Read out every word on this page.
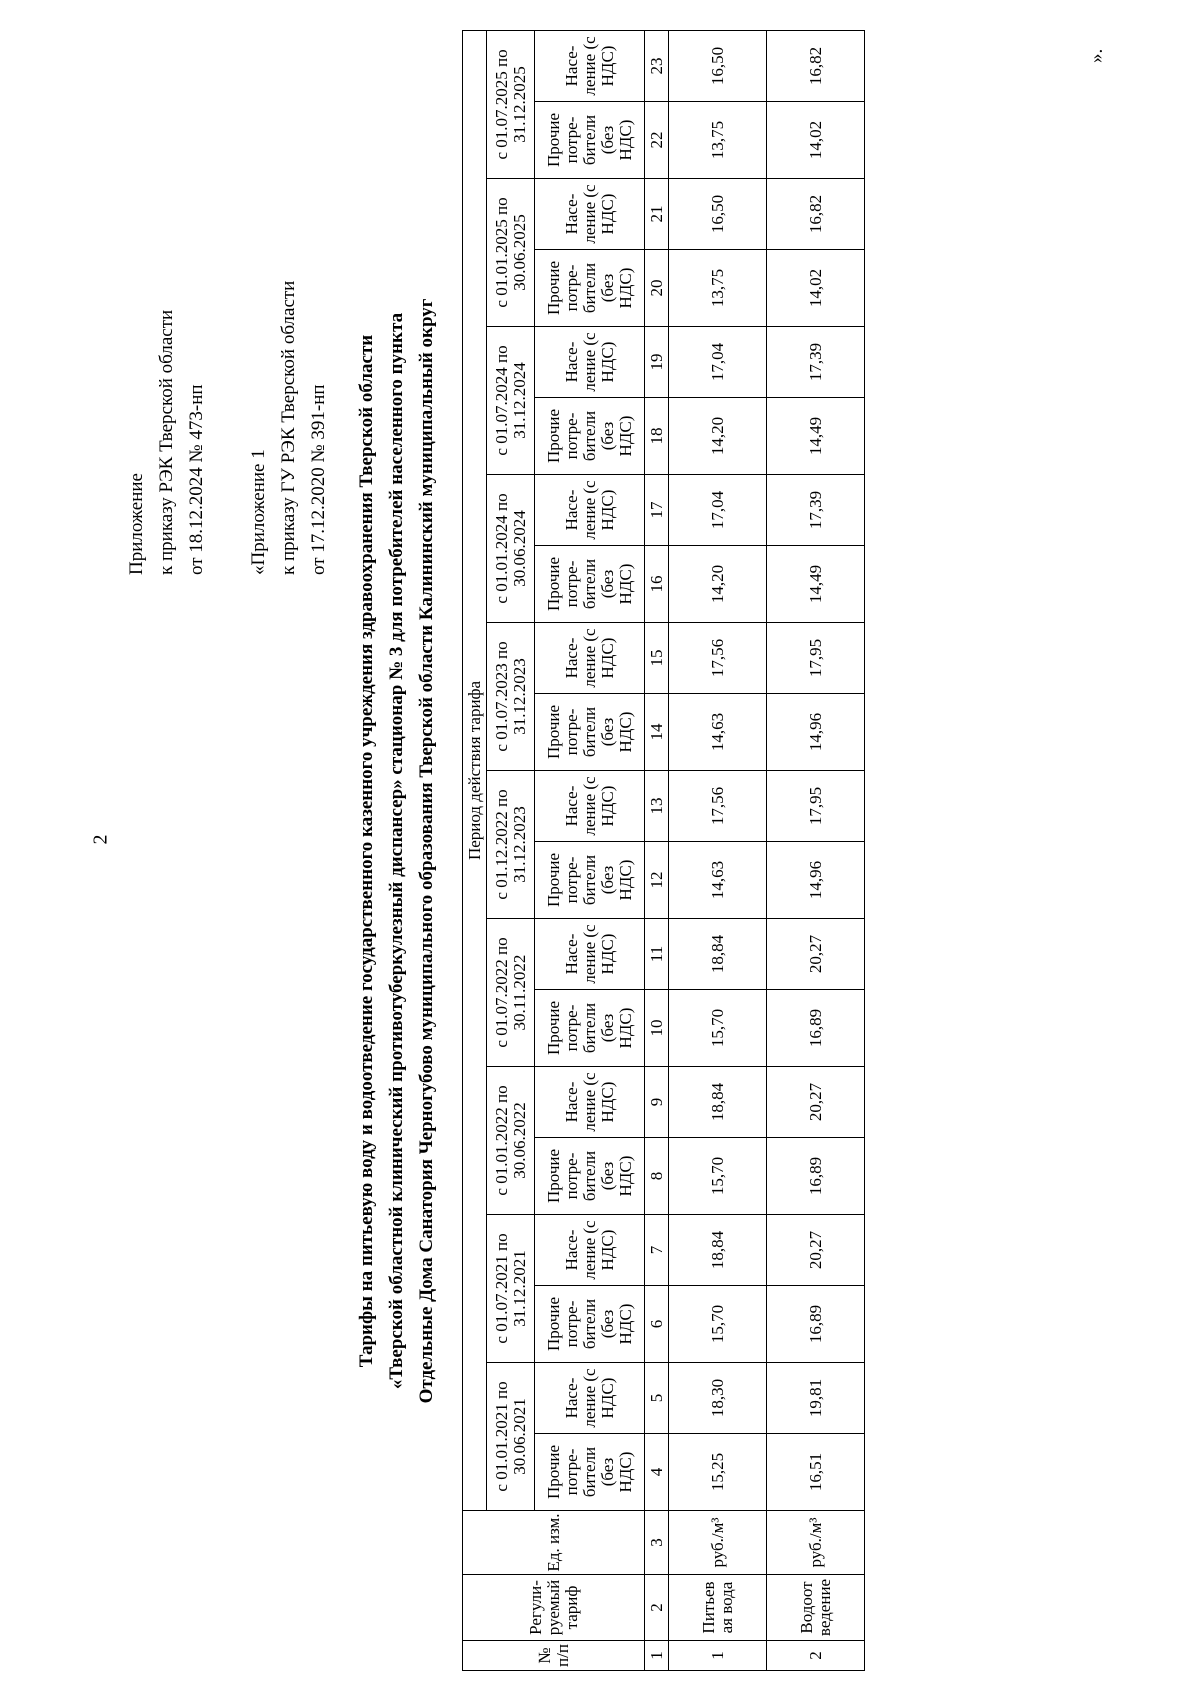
2
Приложение к приказу РЭК Тверской области от 18.12.2024 № 473-нп «Приложение 1 к приказу ГУ РЭК Тверской области от 17.12.2020 № 391-нп Тарифы на питьевую воду и водоотведение государственного казенного учреждения здравоохранения Тверской области «Тверской областной клинический противотуберкулезный диспансер» стационар № 3 для потребителей населенного пункта Отдельные Дома Санатория Черногубово муниципального образования Тверской области Калининский муниципальный округ
№ п/п	Регули-руемый тариф	Ед. изм.	Период действия тарифа																			
			с 01.01.2021 по 30.06.2021		с 01.07.2021 по 31.12.2021		с 01.01.2022 по 30.06.2022		с 01.07.2022 по 30.11.2022		с 01.12.2022 по 31.12.2023		с 01.07.2023 по 31.12.2023		с 01.01.2024 по 30.06.2024		с 01.07.2024 по 31.12.2024		с 01.01.2025 по 30.06.2025		с 01.07.2025 по 31.12.2025	
			Прочие потре-бители (без НДС)	Насе-ление (с НДС)	Прочие потре-бители (без НДС)	Насе-ление (с НДС)	Прочие потре-бители (без НДС)	Насе-ление (с НДС)	Прочие потре-бители (без НДС)	Насе-ление (с НДС)	Прочие потре-бители (без НДС)	Насе-ление (с НДС)	Прочие потре-бители (без НДС)	Насе-ление (с НДС)	Прочие потре-бители (без НДС)	Насе-ление (с НДС)	Прочие потре-бители (без НДС)	Насе-ление (с НДС)	Прочие потре-бители (без НДС)	Насе-ление (с НДС)	Прочие потре-бители (без НДС)	Насе-ление (с НДС)
1	2	3	4	5	6	7	8	9	10	11	12	13	14	15	16	17	18	19	20	21	22	23
1	Питьев ая вода	руб./м³	15,25	18,30	15,70	18,84	15,70	18,84	15,70	18,84	14,63	17,56	14,63	17,56	14,20	17,04	14,20	17,04	13,75	16,50	13,75	16,50
2	Водоот ведение	руб./м³	16,51	19,81	16,89	20,27	16,89	20,27	16,89	20,27	14,96	17,95	14,96	17,95	14,49	17,39	14,49	17,39	14,02	16,82	14,02	16,82	».
